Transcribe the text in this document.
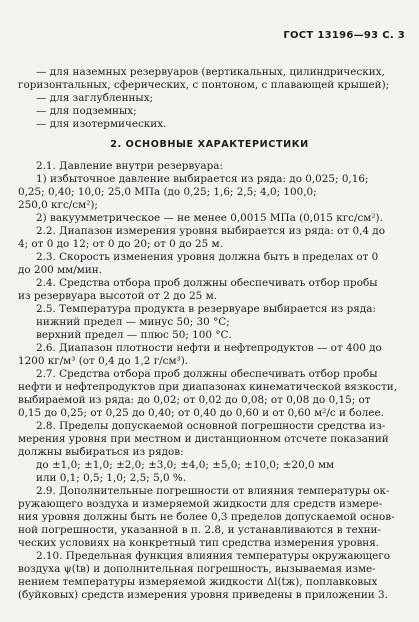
ГОСТ 13196—93 С. 3
— для наземных резервуаров (вертикальных, цилиндрических,
горизонтальных, сферических, с понтоном, с плавающей крышей);
— для заглубленных;
— для подземных;
— для изотермических.
2. ОСНОВНЫЕ ХАРАКТЕРИСТИКИ
2.1. Давление внутри резервуара:
1) избыточное давление выбирается из ряда: до 0,025; 0,16;
0,25; 0,40; 10,0; 25,0 МПа (до 0,25; 1,6; 2,5; 4,0; 100,0;
250,0 кгс/см²);
2) вакуумметрическое — не менее 0,0015 МПа (0,015 кгс/см²).
2.2. Диапазон измерения уровня выбирается из ряда: от 0,4 до
4; от 0 до 12; от 0 до 20; от 0 до 25 м.
2.3. Скорость изменения уровня должна быть в пределах от 0
до 200 мм/мин.
2.4. Средства отбора проб должны обеспечивать отбор пробы
из резервуара высотой от 2 до 25 м.
2.5. Температура продукта в резервуаре выбирается из ряда:
нижний предел — минус 50; 30 °С;
верхний предел — плюс 50; 100 °С.
2.6. Диапазон плотности нефти и нефтепродуктов — от 400 до
1200 кг/м³ (от 0,4 до 1,2 г/см³).
2.7. Средства отбора проб должны обеспечивать отбор пробы
нефти и нефтепродуктов при диапазонах кинематической вязкости,
выбираемой из ряда: до 0,02; от 0,02 до 0,08; от 0,08 до 0,15; от
0,15 до 0,25; от 0,25 до 0,40; от 0,40 до 0,60 и от 0,60 м²/с и более.
2.8. Пределы допускаемой основной погрешности средства из-
мерения уровня при местном и дистанционном отсчете показаний
должны выбираться из рядов:
до ±1,0; ±1,0; ±2,0; ±3,0; ±4,0; ±5,0; ±10,0; ±20,0 мм
или 0,1; 0,5; 1,0; 2,5; 5,0 %.
2.9. Дополнительные погрешности от влияния температуры ок-
ружающего воздуха и измеряемой жидкости для средств измере-
ния уровня должны быть не более 0,3 пределов допускаемой основ-
ной погрешности, указанной в п. 2.8, и устанавливаются в техни-
ческих условиях на конкретный тип средства измерения уровня.
2.10. Предельная функция влияния температуры окружающего
воздуха ψ(tв) и дополнительная погрешность, вызываемая изме-
нением температуры измеряемой жидкости Δl(tж), поплавковых
(буйковых) средств измерения уровня приведены в приложении 3.
